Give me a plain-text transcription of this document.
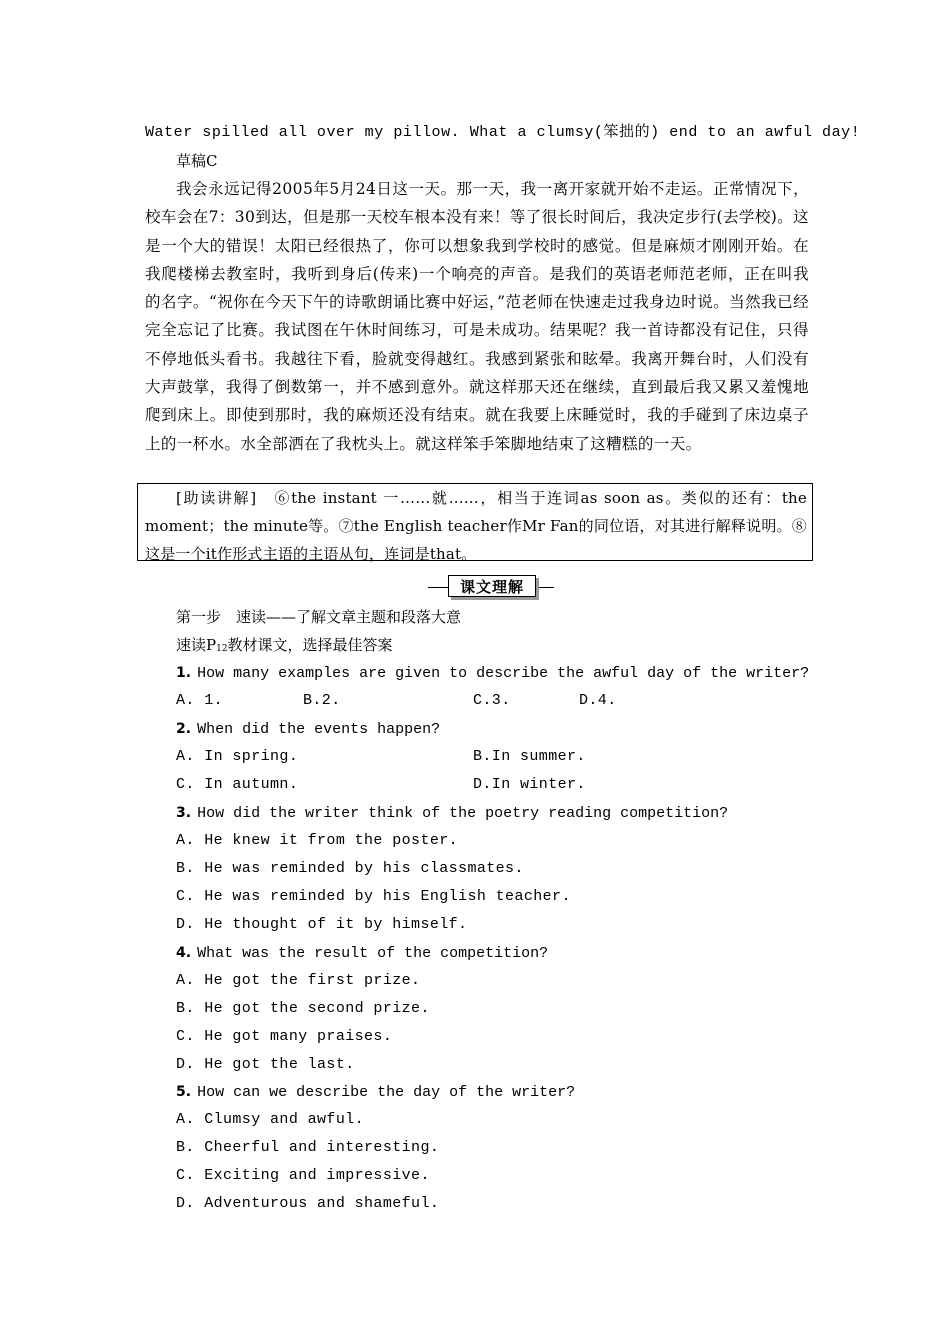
Water spilled all over my pillow. What a clumsy(笨拙的) end to an awful day!
草稿C
我会永远记得2005年5月24日这一天。那一天，我一离开家就开始不走运。正常情况下，校车会在7：30到达，但是那一天校车根本没有来！等了很长时间后，我决定步行(去学校)。这是一个大的错误！太阳已经很热了，你可以想象我到学校时的感觉。但是麻烦才刚刚开始。在我爬楼梯去教室时，我听到身后(传来)一个响亮的声音。是我们的英语老师范老师，正在叫我的名字。“祝你在今天下午的诗歌朗诵比赛中好运，”范老师在快速走过我身边时说。当然我已经完全忘记了比赛。我试图在午休时间练习，可是未成功。结果呢？我一首诗都没有记住，只得不停地低头看书。我越往下看，脸就变得越红。我感到紧张和眩晕。我离开舞台时，人们没有大声鼓掌，我得了倒数第一，并不感到意外。就这样那天还在继续，直到最后我又累又羞愧地爬到床上。即使到那时，我的麻烦还没有结束。就在我要上床睡觉时，我的手碰到了床边桌子上的一杯水。水全部洒在了我枕头上。就这样笨手笨脚地结束了这糟糕的一天。
[助读讲解]　 ⑥the instant 一……就……，相当于连词as soon as。类似的还有：the moment；the minute等。⑦the English teacher作Mr Fan的同位语，对其进行解释说明。⑧这是一个it作形式主语的主语从句，连词是that。
课文理解
第一步　速读——了解文章主题和段落大意
速读$P_{12}$教材课文，选择最佳答案
1. How many examples are given to describe the awful day of the writer?
A. 1.	B.2.	C.3.	D.4.
2. When did the events happen?
A. In spring.	B.In summer.
C. In autumn.	D.In winter.
3. How did the writer think of the poetry reading competition?
A. He knew it from the poster.
B. He was reminded by his classmates.
C. He was reminded by his English teacher.
D. He thought of it by himself.
4. What was the result of the competition?
A. He got the first prize.
B. He got the second prize.
C. He got many praises.
D. He got the last.
5. How can we describe the day of the writer?
A. Clumsy and awful.
B. Cheerful and interesting.
C. Exciting and impressive.
D. Adventurous and shameful.
